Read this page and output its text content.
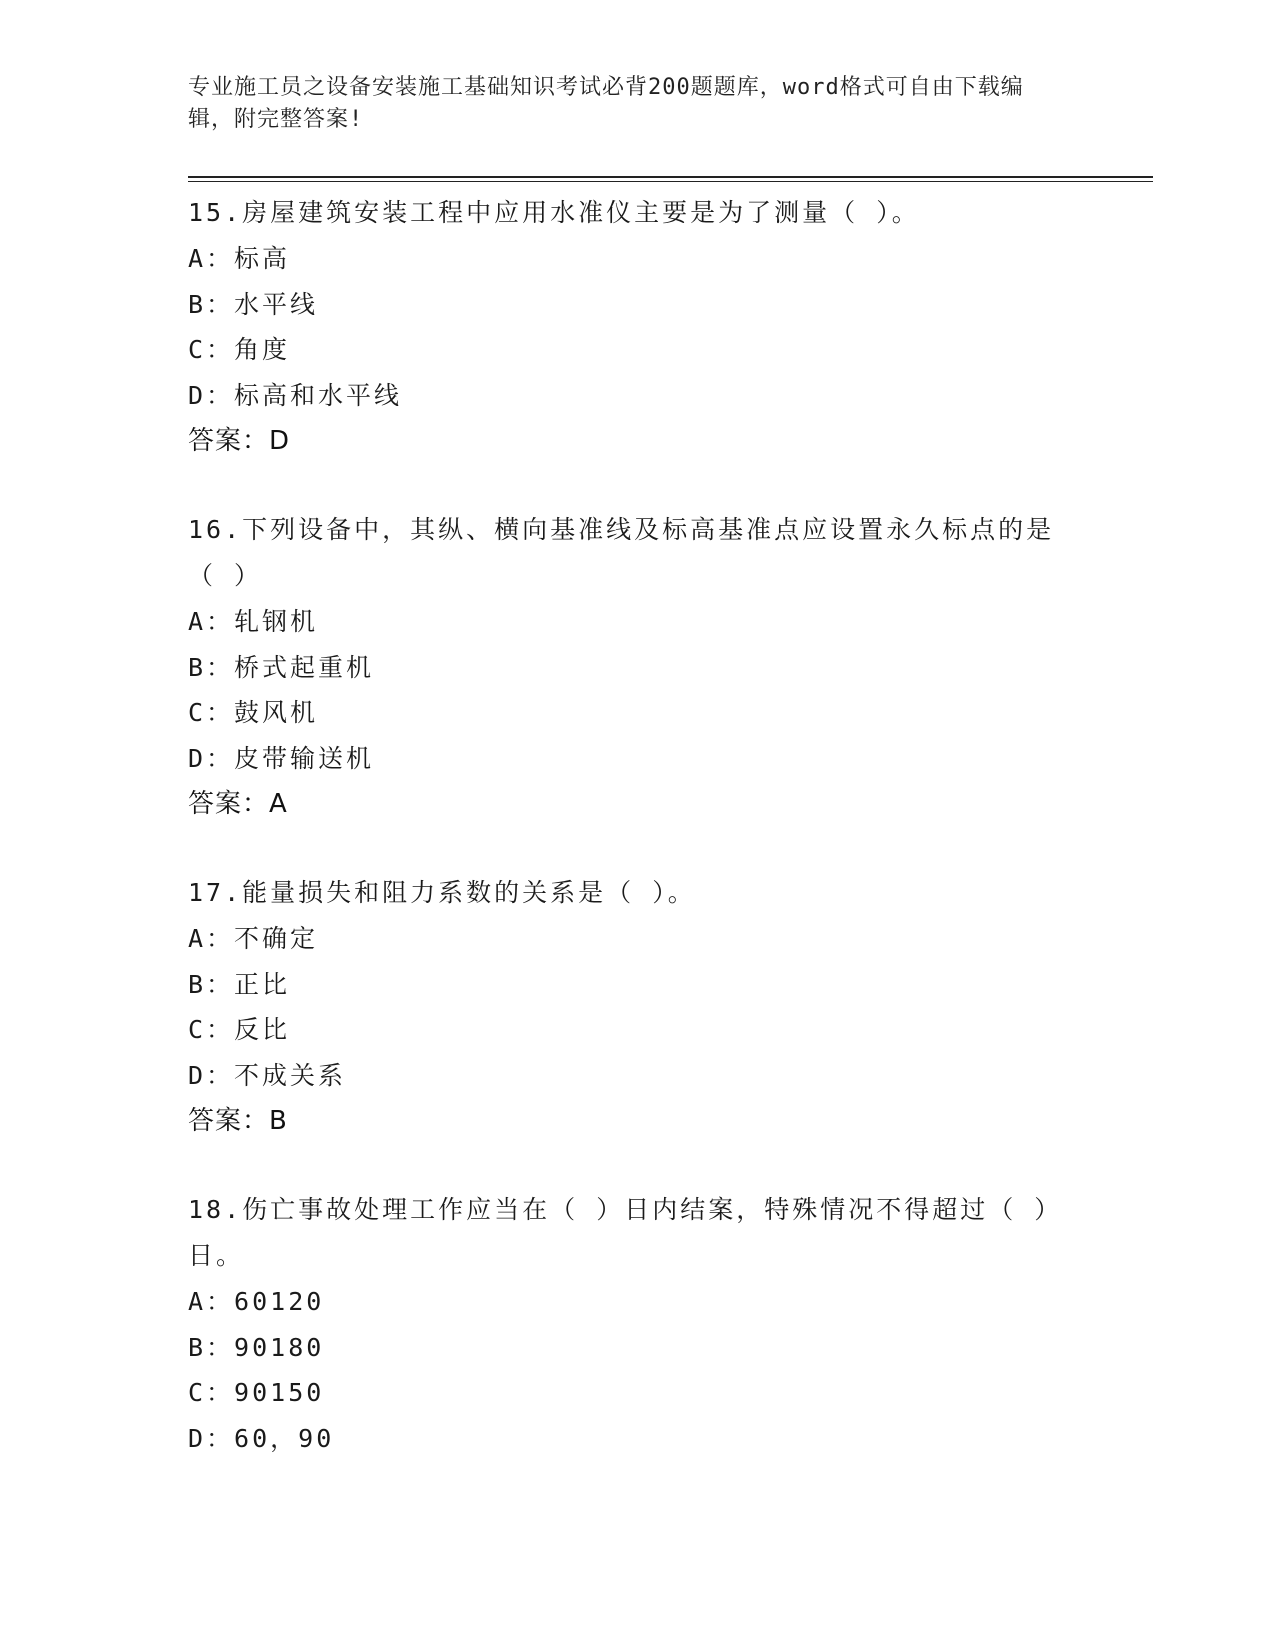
专业施工员之设备安装施工基础知识考试必背200题题库，word格式可自由下载编辑，附完整答案!
15.房屋建筑安装工程中应用水准仪主要是为了测量（ ）。
A：标高
B：水平线
C：角度
D：标高和水平线
答案：D
16.下列设备中，其纵、横向基准线及标高基准点应设置永久标点的是（ ）
A：轧钢机
B：桥式起重机
C：鼓风机
D：皮带输送机
答案：A
17.能量损失和阻力系数的关系是（ ）。
A：不确定
B：正比
C：反比
D：不成关系
答案：B
18.伤亡事故处理工作应当在（ ）日内结案，特殊情况不得超过（ ）日。
A：60120
B：90180
C：90150
D：60，90
